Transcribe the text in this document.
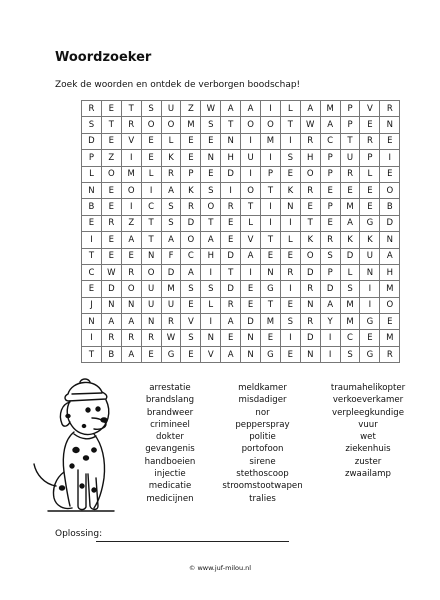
Woordzoeker
Zoek de woorden en ontdek de verborgen boodschap!
R	E	T	S	U	Z	W	A	A	I	L	A	M	P	V	R
S	T	R	O	O	M	S	T	O	O	T	W	A	P	E	N
D	E	V	E	L	E	E	N	I	M	I	R	C	T	R	E
P	Z	I	E	K	E	N	H	U	I	S	H	P	U	P	I
L	O	M	L	R	P	E	D	I	P	E	O	P	R	L	E
N	E	O	I	A	K	S	I	O	T	K	R	E	E	E	O
B	E	I	C	S	R	O	R	T	I	N	E	P	M	E	B
E	R	Z	T	S	D	T	E	L	I	I	T	E	A	G	D
I	E	A	T	A	O	A	E	V	T	L	K	R	K	K	N
T	E	E	N	F	C	H	D	A	E	E	O	S	D	U	A
C	W	R	O	D	A	I	T	I	N	R	D	P	L	N	H
E	D	O	U	M	S	S	D	E	G	I	R	D	S	I	M
J	N	N	U	U	E	L	R	E	T	E	N	A	M	I	O
N	A	A	N	R	V	I	A	D	M	S	R	Y	M	G	E
I	R	R	R	W	S	N	E	N	E	I	D	I	C	E	M
T	B	A	E	G	E	V	A	N	G	E	N	I	S	G	R
arrestatie
brandslang
brandweer
crimineel
dokter
gevangenis
handboeien
injectie
medicatie
medicijnen
meldkamer
misdadiger
nor
pepperspray
politie
portofoon
sirene
stethoscoop
stroomstootwapen
tralies
traumahelikopter
verkoeverkamer
verpleegkundige
vuur
wet
ziekenhuis
zuster
zwaailamp
Oplossing:
© www.juf-milou.nl
